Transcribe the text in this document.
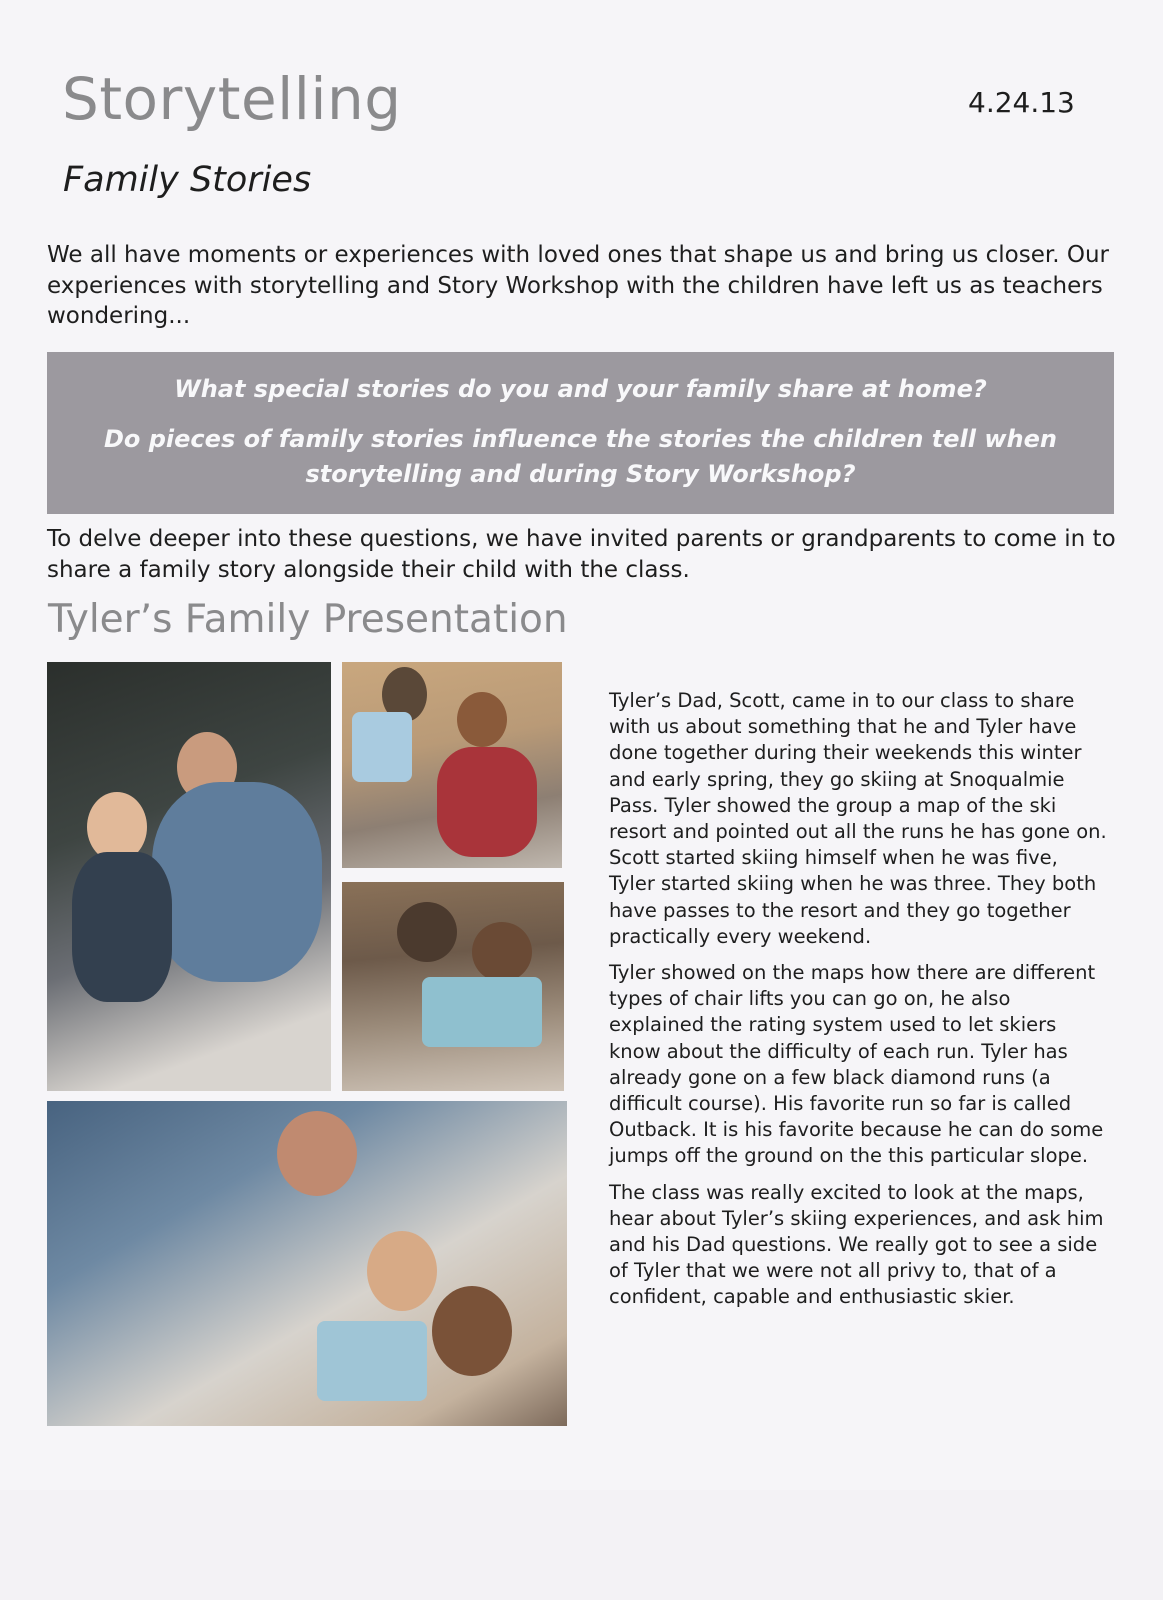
Storytelling	4.24.13
Family Stories
We all have moments or experiences with loved ones that shape us and bring us closer. Our experiences with storytelling and Story Workshop with the children have left us as teachers wondering...
What special stories do you and your family share at home?
Do pieces of family stories influence the stories the children tell when storytelling and during Story Workshop?
To delve deeper into these questions, we have invited parents or grandparents to come in to share a family story alongside their child with the class.
Tyler’s Family Presentation

Tyler’s Dad, Scott, came in to our class to share with us about something that he and Tyler have done together during their weekends this winter and early spring, they go skiing at Snoqualmie Pass. Tyler showed the group a map of the ski resort and pointed out all the runs he has gone on. Scott started skiing himself when he was five, Tyler started skiing when he was three. They both have passes to the resort and they go together practically every weekend.

Tyler showed on the maps how there are different types of chair lifts you can go on, he also explained the rating system used to let skiers know about the difficulty of each run. Tyler has already gone on a few black diamond runs (a difficult course). His favorite run so far is called Outback. It is his favorite because he can do some jumps off the ground on the this particular slope.

The class was really excited to look at the maps, hear about Tyler’s skiing experiences, and ask him and his Dad questions. We really got to see a side of Tyler that we were not all privy to, that of a confident, capable and enthusiastic skier.
